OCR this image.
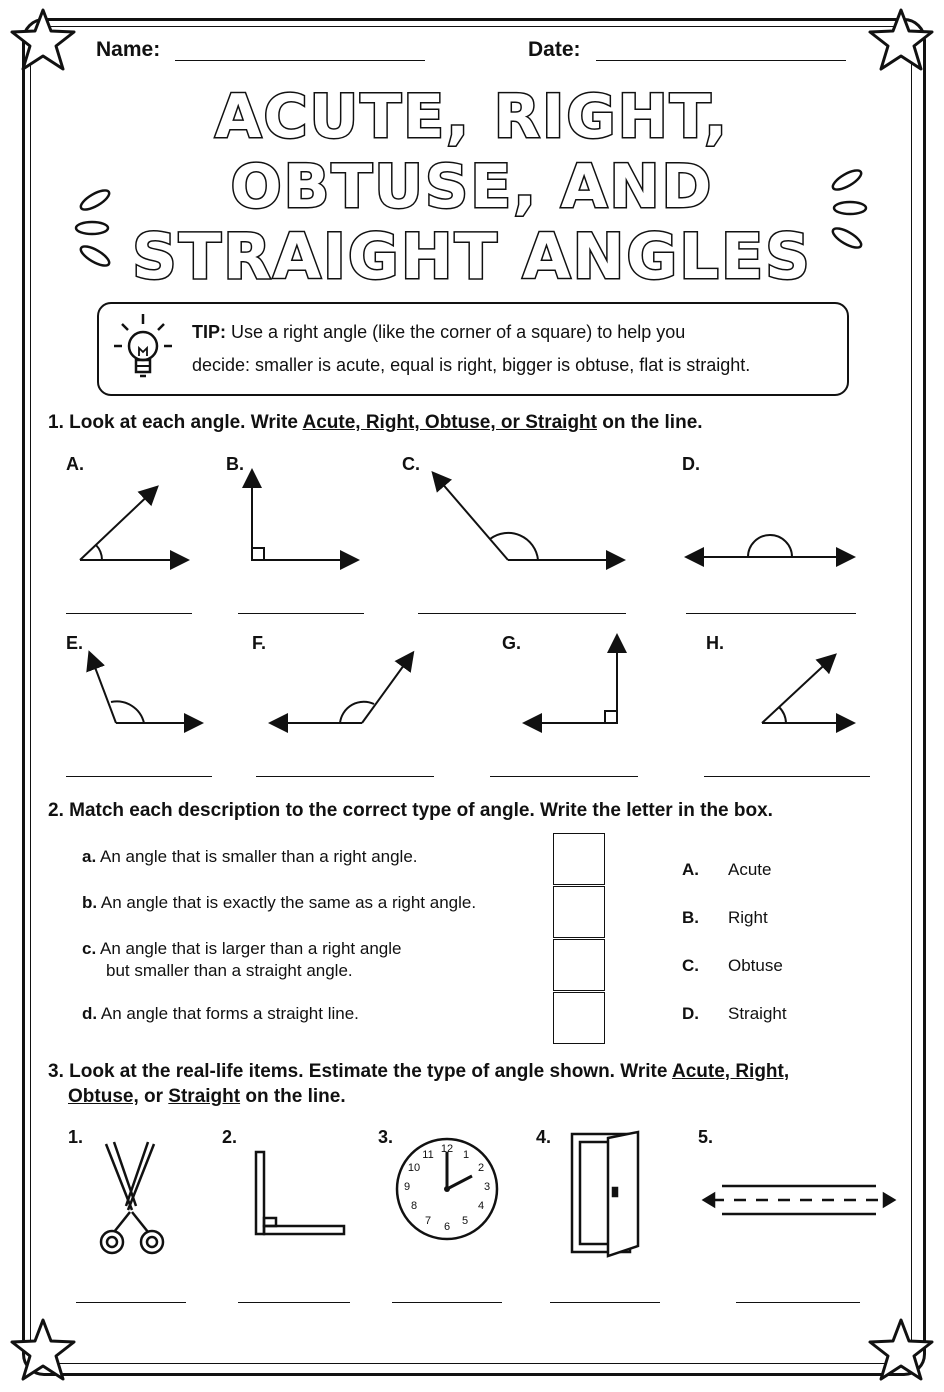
Name:	Date:
ACUTE, RIGHT,
OBTUSE, AND
STRAIGHT ANGLES
TIP: Use a right angle (like the corner of a square) to help you
decide: smaller is acute, equal is right, bigger is obtuse, flat is straight.
1. Look at each angle. Write Acute, Right, Obtuse, or Straight on the line.
A.	B.	C.	D.
E.	F.	G.	H.
2. Match each description to the correct type of angle. Write the letter in the box.
a. An angle that is smaller than a right angle.
b. An angle that is exactly the same as a right angle.
c. An angle that is larger than a right angle
but smaller than a straight angle.
d. An angle that forms a straight line.
A. Acute
B. Right
C. Obtuse
D. Straight
3. Look at the real-life items. Estimate the type of angle shown. Write Acute, Right,
Obtuse, or Straight on the line.
1.	2.	3.	4.	5.
12 1
2
3
4
5
6
7
8
9
10
11
